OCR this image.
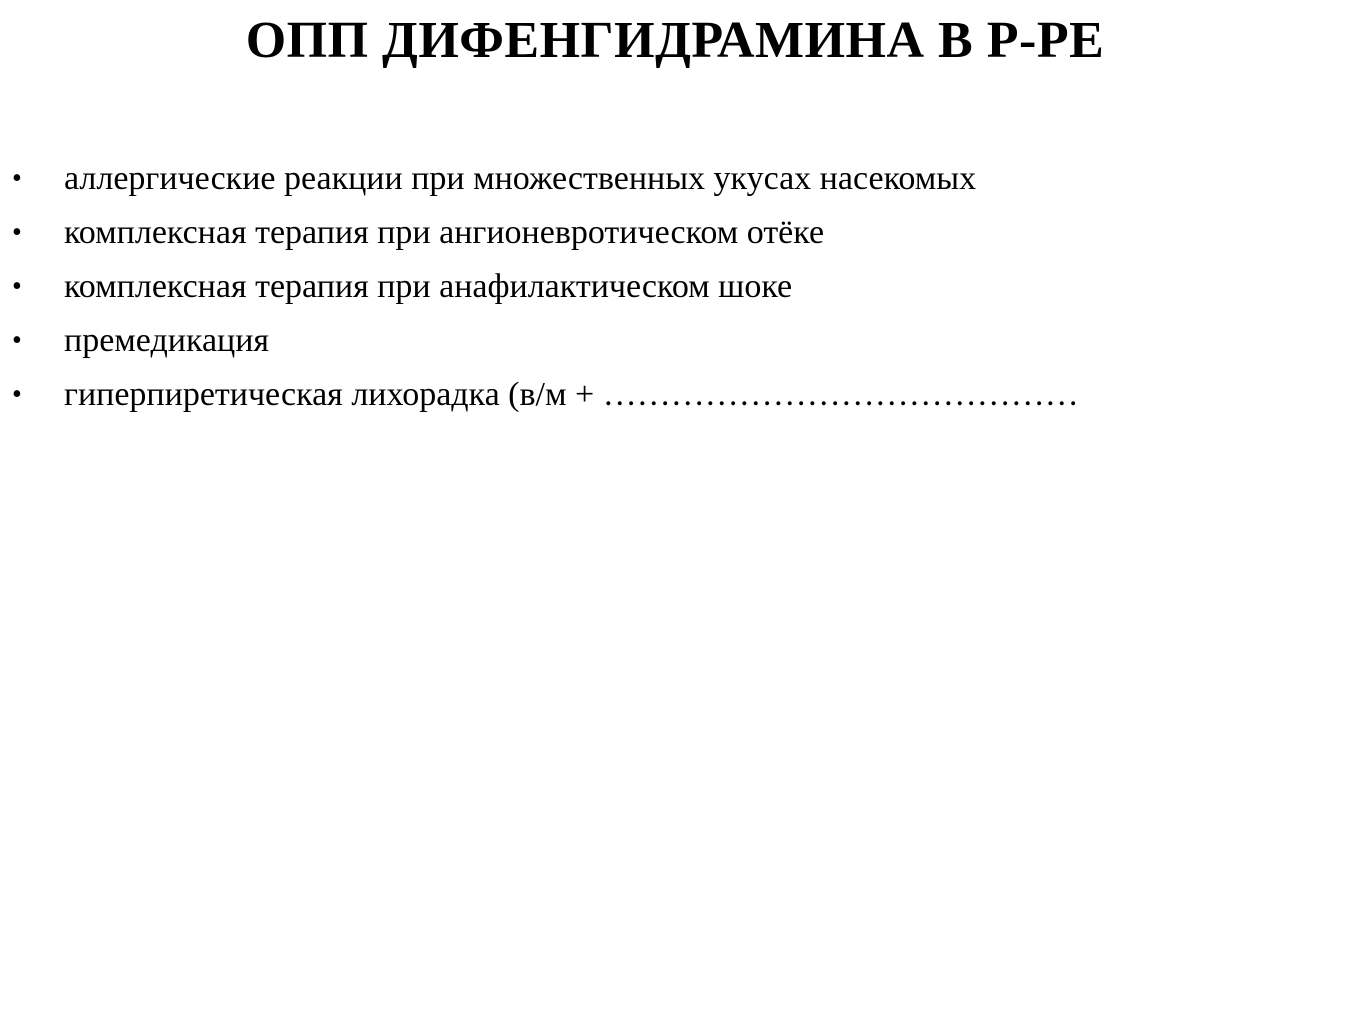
ОПП ДИФЕНГИДРАМИНА В Р-РЕ
• аллергические реакции при множественных укусах насекомых
• комплексная терапия при ангионевротическом отёке
• комплексная терапия при анафилактическом шоке
• премедикация
• гиперпиретическая лихорадка (в/м + ……………………………………
